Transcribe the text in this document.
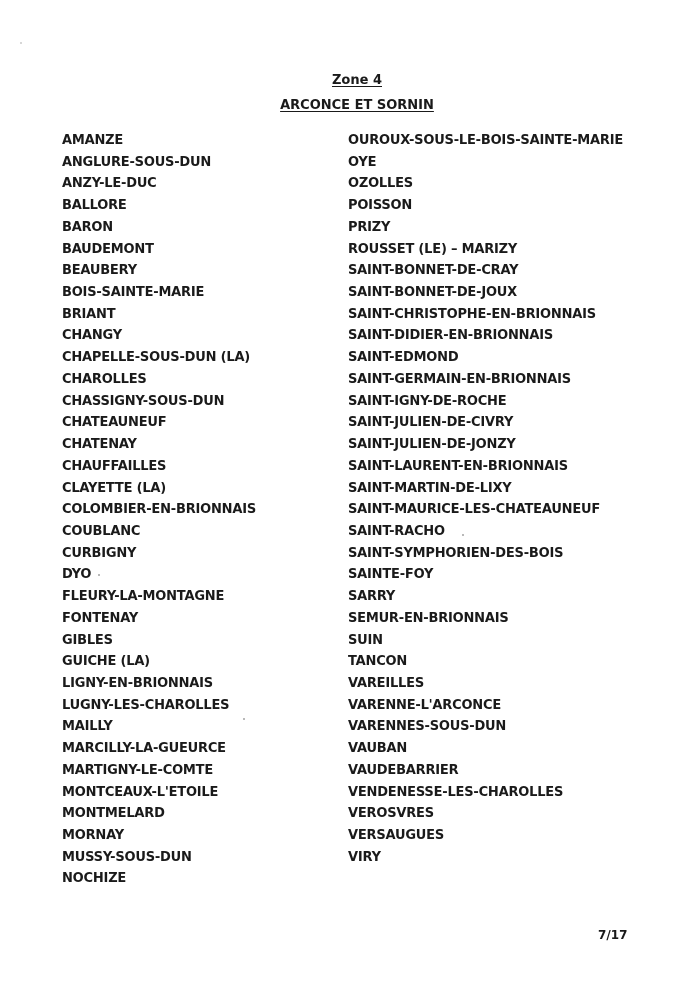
Zone 4
ARCONCE ET SORNIN
AMANZE
ANGLURE-SOUS-DUN
ANZY-LE-DUC
BALLORE
BARON
BAUDEMONT
BEAUBERY
BOIS-SAINTE-MARIE
BRIANT
CHANGY
CHAPELLE-SOUS-DUN (LA)
CHAROLLES
CHASSIGNY-SOUS-DUN
CHATEAUNEUF
CHATENAY
CHAUFFAILLES
CLAYETTE (LA)
COLOMBIER-EN-BRIONNAIS
COUBLANC
CURBIGNY
DYO
FLEURY-LA-MONTAGNE
FONTENAY
GIBLES
GUICHE (LA)
LIGNY-EN-BRIONNAIS
LUGNY-LES-CHAROLLES
MAILLY
MARCILLY-LA-GUEURCE
MARTIGNY-LE-COMTE
MONTCEAUX-L'ETOILE
MONTMELARD
MORNAY
MUSSY-SOUS-DUN
NOCHIZE
OUROUX-SOUS-LE-BOIS-SAINTE-MARIE
OYE
OZOLLES
POISSON
PRIZY
ROUSSET (LE) – MARIZY
SAINT-BONNET-DE-CRAY
SAINT-BONNET-DE-JOUX
SAINT-CHRISTOPHE-EN-BRIONNAIS
SAINT-DIDIER-EN-BRIONNAIS
SAINT-EDMOND
SAINT-GERMAIN-EN-BRIONNAIS
SAINT-IGNY-DE-ROCHE
SAINT-JULIEN-DE-CIVRY
SAINT-JULIEN-DE-JONZY
SAINT-LAURENT-EN-BRIONNAIS
SAINT-MARTIN-DE-LIXY
SAINT-MAURICE-LES-CHATEAUNEUF
SAINT-RACHO
SAINT-SYMPHORIEN-DES-BOIS
SAINTE-FOY
SARRY
SEMUR-EN-BRIONNAIS
SUIN
TANCON
VAREILLES
VARENNE-L'ARCONCE
VARENNES-SOUS-DUN
VAUBAN
VAUDEBARRIER
VENDENESSE-LES-CHAROLLES
VEROSVRES
VERSAUGUES
VIRY
7/17
